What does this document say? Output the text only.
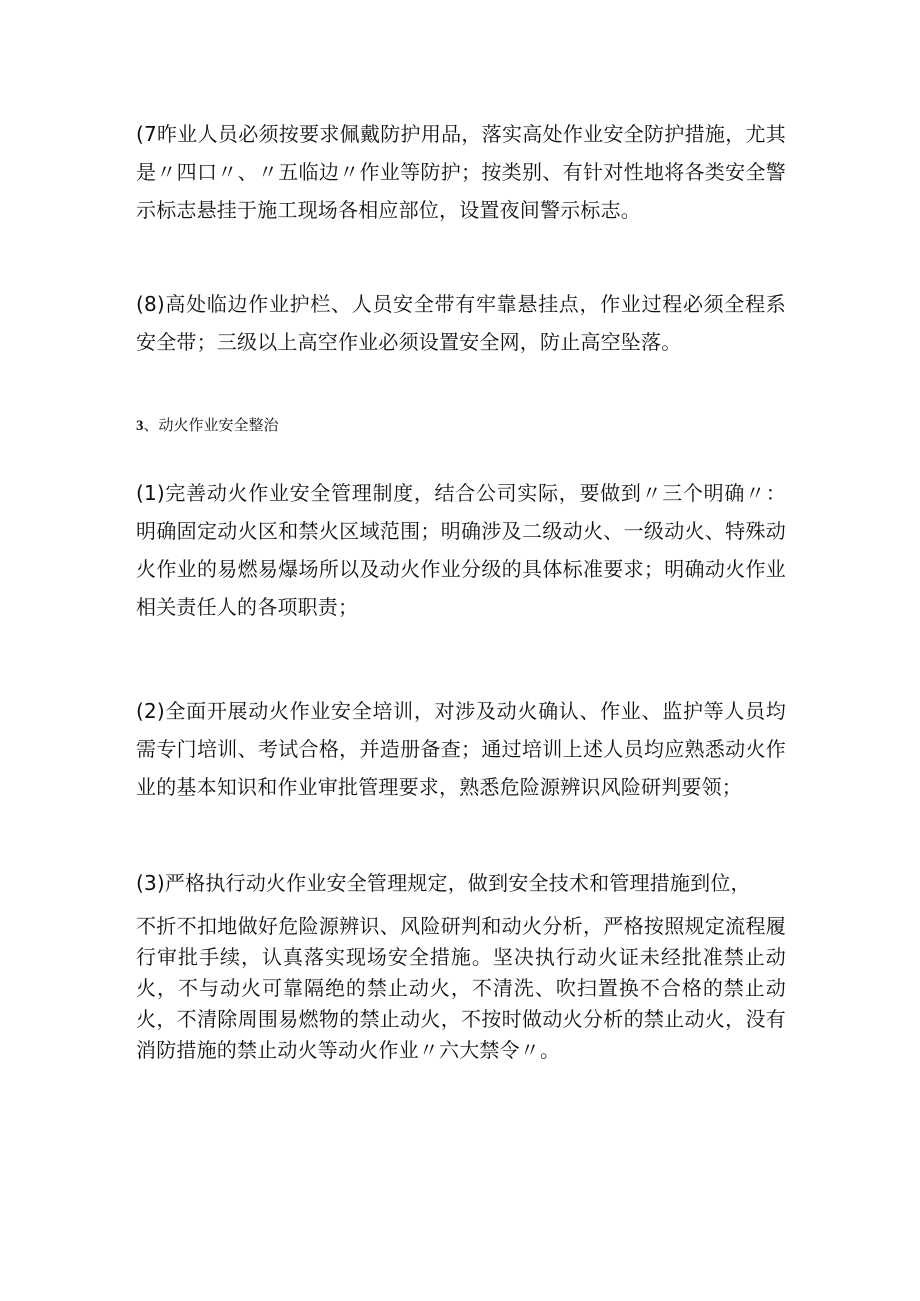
(7昨业人员必须按要求佩戴防护用品，落实高处作业安全防护措施，尤其是〃四口〃、〃五临边〃作业等防护；按类别、有针对性地将各类安全警示标志悬挂于施工现场各相应部位，设置夜间警示标志。

(8)高处临边作业护栏、人员安全带有牢靠悬挂点，作业过程必须全程系安全带；三级以上高空作业必须设置安全网，防止高空坠落。

3、动火作业安全整治

(1)完善动火作业安全管理制度，结合公司实际，要做到〃三个明确〃：明确固定动火区和禁火区域范围；明确涉及二级动火、一级动火、特殊动火作业的易燃易爆场所以及动火作业分级的具体标准要求；明确动火作业相关责任人的各项职责；

(2)全面开展动火作业安全培训，对涉及动火确认、作业、监护等人员均需专门培训、考试合格，并造册备查；通过培训上述人员均应熟悉动火作业的基本知识和作业审批管理要求，熟悉危险源辨识风险研判要领；

(3)严格执行动火作业安全管理规定，做到安全技术和管理措施到位，

不折不扣地做好危险源辨识、风险研判和动火分析，严格按照规定流程履行审批手续，认真落实现场安全措施。坚决执行动火证未经批准禁止动火，不与动火可靠隔绝的禁止动火，不清洗、吹扫置换不合格的禁止动火，不清除周围易燃物的禁止动火，不按时做动火分析的禁止动火，没有消防措施的禁止动火等动火作业〃六大禁令〃。
